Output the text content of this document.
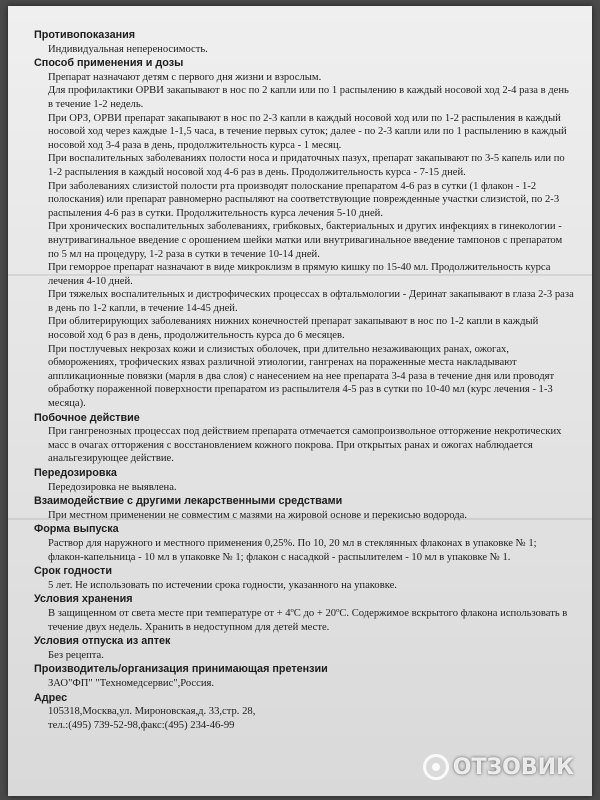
Противопоказания
Индивидуальная непереносимость.
Способ применения и дозы
Препарат назначают детям с первого дня жизни и взрослым.
Для профилактики ОРВИ закапывают в нос по 2 капли или по 1 распылению в каждый носовой ход 2-4 раза в день в течение 1-2 недель.
При ОРЗ, ОРВИ препарат закапывают в нос по 2-3 капли в каждый носовой ход или по 1-2 распыления в каждый носовой ход через каждые 1-1,5 часа, в течение первых суток; далее - по 2-3 капли или по 1 распылению в каждый носовой ход 3-4 раза в день, продолжительность курса - 1 месяц.
При воспалительных заболеваниях полости носа и придаточных пазух, препарат закапывают по 3-5 капель или по 1-2 распыления в каждый носовой ход 4-6 раз в день. Продолжительность курса - 7-15 дней.
При заболеваниях слизистой полости рта производят полоскание препаратом 4-6 раз в сутки (1 флакон - 1-2 полоскания) или препарат равномерно распыляют на соответствующие поврежденные участки слизистой, по 2-3 распыления 4-6 раз в сутки. Продолжительность курса лечения 5-10 дней.
При хронических воспалительных заболеваниях, грибковых, бактериальных и других инфекциях в гинекологии - внутривагинальное введение с орошением шейки матки или внутривагинальное введение тампонов с препаратом по 5 мл на процедуру, 1-2 раза в сутки в течение 10-14 дней.
При геморрое препарат назначают в виде микроклизм в прямую кишку по 15-40 мл. Продолжительность курса лечения 4-10 дней.
При тяжелых воспалительных и дистрофических процессах в офтальмологии - Деринат закапывают в глаза 2-3 раза в день по 1-2 капли, в течение 14-45 дней.
При облитерирующих заболеваниях нижних конечностей препарат закапывают в нос по 1-2 капли в каждый носовой ход 6 раз в день, продолжительность курса до 6 месяцев.
При постлучевых некрозах кожи и слизистых оболочек, при длительно незаживающих ранах, ожогах, обморожениях, трофических язвах различной этиологии, гангренах на пораженные места накладывают аппликационные повязки (марля в два слоя) с нанесением на нее препарата 3-4 раза в течение дня или проводят обработку пораженной поверхности препаратом из распылителя 4-5 раз в сутки по 10-40 мл (курс лечения - 1-3 месяца).
Побочное действие
При гангренозных процессах под действием препарата отмечается самопроизвольное отторжение некротических масс в очагах отторжения с восстановлением кожного покрова. При открытых ранах и ожогах наблюдается анальгезирующее действие.
Передозировка
Передозировка не выявлена.
Взаимодействие с другими лекарственными средствами
При местном применении не совместим с мазями на жировой основе и перекисью водорода.
Форма выпуска
Раствор для наружного и местного применения 0,25%. По 10, 20 мл в стеклянных флаконах в упаковке № 1; флакон-капельница - 10 мл в упаковке № 1; флакон с насадкой - распылителем - 10 мл в упаковке № 1.
Срок годности
5 лет. Не использовать по истечении срока годности, указанного на упаковке.
Условия хранения
В защищенном от света месте при температуре от + 4ºС до + 20ºС. Содержимое вскрытого флакона использовать в течение двух недель. Хранить в недоступном для детей месте.
Условия отпуска из аптек
Без рецепта.
Производитель/организация принимающая претензии
ЗАО"ФП" "Техномедсервис",Россия.
Адрес
105318,Москва,ул. Мироновская,д. 33,стр. 28,
тел.:(495) 739-52-98,факс:(495) 234-46-99
ОТЗОВИК
